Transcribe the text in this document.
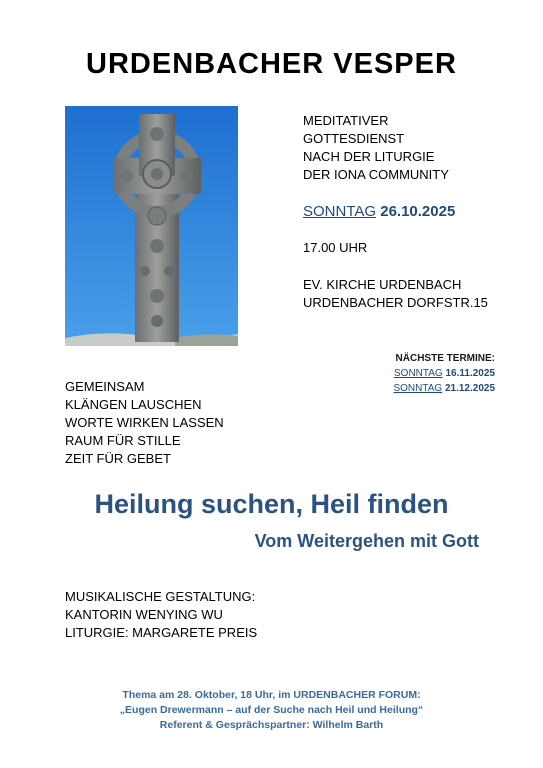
URDENBACHER VESPER
MEDITATIVER
GOTTESDIENST
NACH DER LITURGIE
DER IONA COMMUNITY
SONNTAG 26.10.2025
17.00 UHR
EV. KIRCHE URDENBACH
URDENBACHER DORFSTR.15
NÄCHSTE TERMINE:
SONNTAG 16.11.2025
SONNTAG 21.12.2025
GEMEINSAM
KLÄNGEN LAUSCHEN
WORTE WIRKEN LASSEN
RAUM FÜR STILLE
ZEIT FÜR GEBET
Heilung suchen, Heil finden
Vom Weitergehen mit Gott
MUSIKALISCHE GESTALTUNG:
KANTORIN WENYING WU
LITURGIE: MARGARETE PREIS
Thema am 28. Oktober, 18 Uhr, im URDENBACHER FORUM:
„Eugen Drewermann – auf der Suche nach Heil und Heilung“
Referent & Gesprächspartner: Wilhelm Barth
